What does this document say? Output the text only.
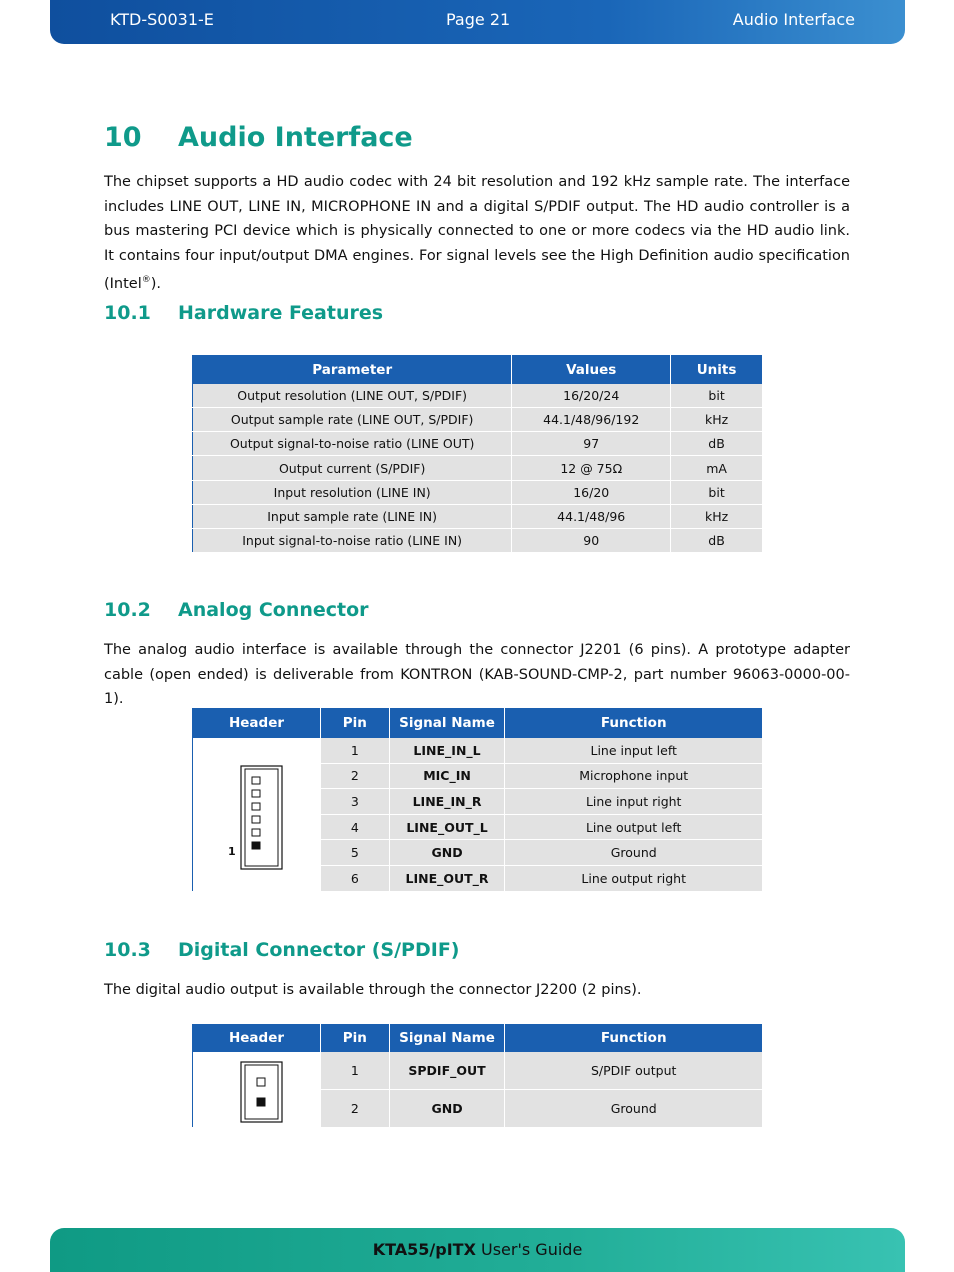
KTD-S0031-E	Page 21	Audio Interface
10 Audio Interface
The chipset supports a HD audio codec with 24 bit resolution and 192 kHz sample rate. The interface includes LINE OUT, LINE IN, MICROPHONE IN and a digital S/PDIF output. The HD audio controller is a bus mastering PCI device which is physically connected to one or more codecs via the HD audio link. It contains four input/output DMA engines. For signal levels see the High Definition audio specification (Intel®).
10.1 Hardware Features
Parameter	Values	Units
Output resolution (LINE OUT, S/PDIF)	16/20/24	bit
Output sample rate (LINE OUT, S/PDIF)	44.1/48/96/192	kHz
Output signal-to-noise ratio (LINE OUT)	97	dB
Output current (S/PDIF)	12 @ 75Ω	mA
Input resolution (LINE IN)	16/20	bit
Input sample rate (LINE IN)	44.1/48/96	kHz
Input signal-to-noise ratio (LINE IN)	90	dB
10.2 Analog Connector
The analog audio interface is available through the connector J2201 (6 pins). A prototype adapter cable (open ended) is deliverable from KONTRON (KAB-SOUND-CMP-2, part number 96063-0000-00-1).
Header	Pin	Signal Name	Function

1	1	LINE_IN_L	Line input left
	2	MIC_IN	Microphone input
	3	LINE_IN_R	Line input right
	4	LINE_OUT_L	Line output left
	5	GND	Ground
	6	LINE_OUT_R	Line output right
10.3 Digital Connector (S/PDIF)
The digital audio output is available through the connector J2200 (2 pins).
Header	Pin	Signal Name	Function
	1	SPDIF_OUT	S/PDIF output
	2	GND	Ground
KTA55/pITX User's Guide
